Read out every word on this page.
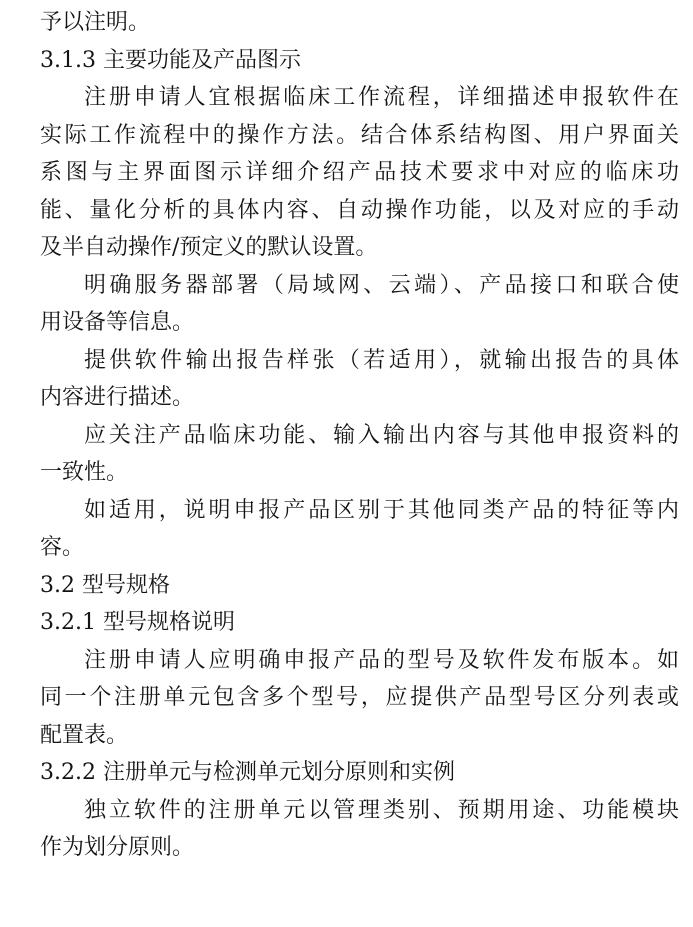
予以注明。
3.1.3 主要功能及产品图示
注册申请人宜根据临床工作流程，详细描述申报软件在
实际工作流程中的操作方法。结合体系结构图、用户界面关
系图与主界面图示详细介绍产品技术要求中对应的临床功
能、量化分析的具体内容、自动操作功能，以及对应的手动
及半自动操作/预定义的默认设置。
明确服务器部署（局域网、云端）、产品接口和联合使
用设备等信息。
提供软件输出报告样张（若适用），就输出报告的具体
内容进行描述。
应关注产品临床功能、输入输出内容与其他申报资料的
一致性。
如适用，说明申报产品区别于其他同类产品的特征等内
容。
3.2 型号规格
3.2.1 型号规格说明
注册申请人应明确申报产品的型号及软件发布版本。如
同一个注册单元包含多个型号，应提供产品型号区分列表或
配置表。
3.2.2 注册单元与检测单元划分原则和实例
独立软件的注册单元以管理类别、预期用途、功能模块
作为划分原则。
